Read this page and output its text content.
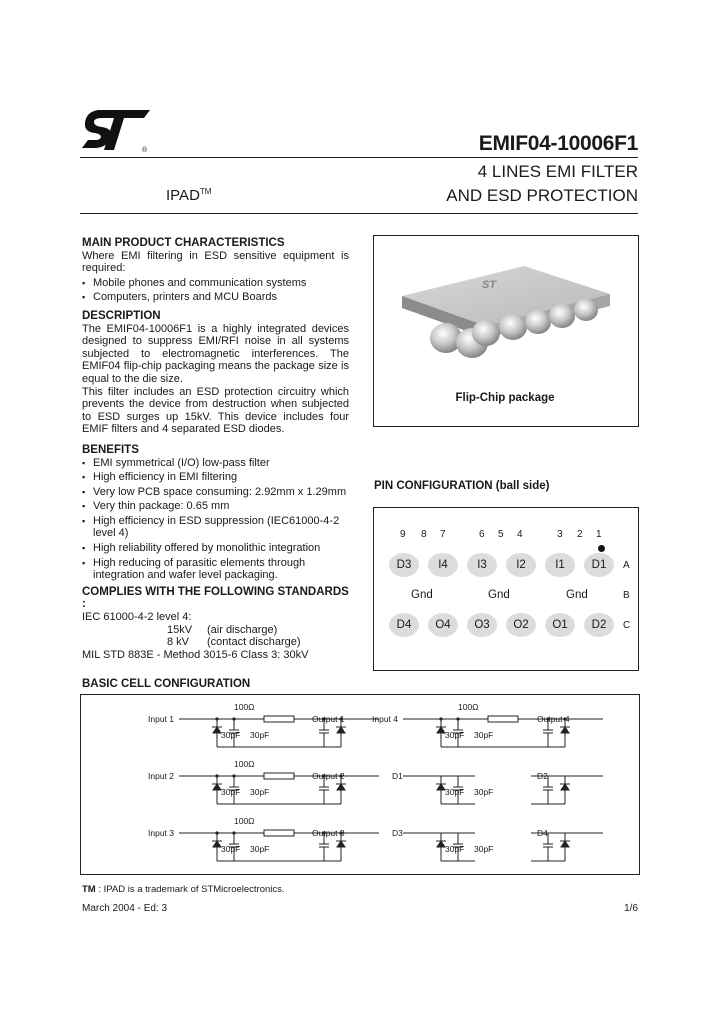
®	EMIF04-10006F1
4 LINES EMI FILTER
AND ESD PROTECTION
IPAD™
MAIN PRODUCT CHARACTERISTICS

Where EMI filtering in ESD sensitive equipment is required:

▪ Mobile phones and communication systems
▪ Computers, printers and MCU Boards
DESCRIPTION

The EMIF04-10006F1 is a highly integrated devices designed to suppress EMI/RFI noise in all systems subjected to electromagnetic interferences. The EMIF04 flip-chip packaging means the package size is equal to the die size.

This filter includes an ESD protection circuitry which prevents the device from destruction when subjected to ESD surges up 15kV. This device includes four EMIF filters and 4 separated ESD diodes.

BENEFITS
▪ EMI symmetrical (I/O) low-pass filter
▪ High efficiency in EMI filtering
▪ Very low PCB space consuming: 2.92mm x 1.29mm
▪ Very thin package: 0.65 mm
▪ High efficiency in ESD suppression (IEC61000-4-2 level 4)
▪ High reliability offered by monolithic integration
▪ High reducing of parasitic elements through integration and wafer level packaging.
COMPLIES WITH THE FOLLOWING STANDARDS :
IEC 61000-4-2 level 4:
15kV (air discharge)
8 kV (contact discharge)
MIL STD 883E - Method 3015-6 Class 3: 30kV
ST
Flip-Chip package
PIN CONFIGURATION (ball side)
9 8 7	6 5 4	3 2 1
A
B
C
D3	I4	I3	I2	I1	D1
Gnd	Gnd	Gnd
D4	O4	O3	O2	O1	D2
BASIC CELL CONFIGURATION
Input 1	Output 1
100Ω
30pF 30pF
Input 2	Output 2
100Ω
30pF 30pF
Input 3	Output 3
100Ω
30pF 30pF
Input 4	Output 4
100Ω
30pF 30pF
D1	D2
30pF 30pF
D3	D4
30pF 30pF
TM : IPAD is a trademark of STMicroelectronics.
March 2004 - Ed: 3	1/6
